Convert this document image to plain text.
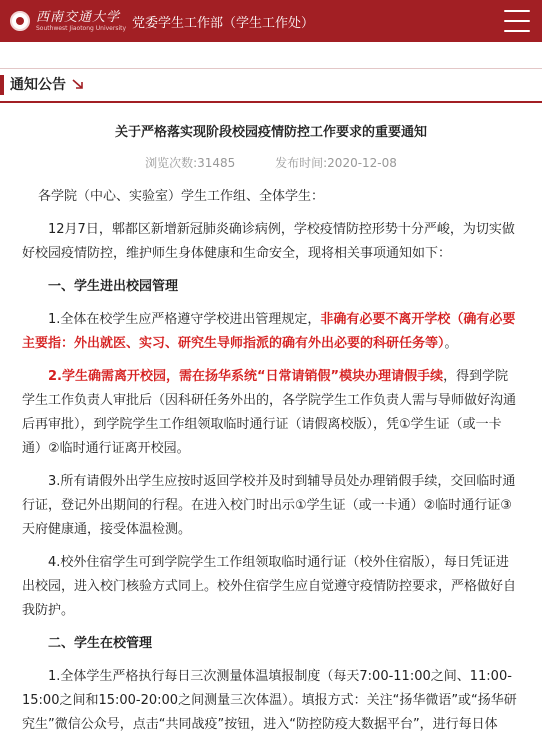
西南交通大学
Southwest Jiaotong University 党委学生工作部（学生工作处）
通知公告
关于严格落实现阶段校园疫情防控工作要求的重要通知
浏览次数:31485	发布时间:2020-12-08

各学院（中心、实验室）学生工作组、全体学生：

12月7日，郫都区新增新冠肺炎确诊病例，学校疫情防控形势十分严峻，为切实做好校园疫情防控，维护师生身体健康和生命安全，现将相关事项通知如下：

一、学生进出校园管理

1.全体在校学生应严格遵守学校进出管理规定，非确有必要不离开学校（确有必要主要指：外出就医、实习、研究生导师指派的确有外出必要的科研任务等）。

2.学生确需离开校园，需在扬华系统“日常请销假”模块办理请假手续，得到学院学生工作负责人审批后（因科研任务外出的，各学院学生工作负责人需与导师做好沟通后再审批），到学院学生工作组领取临时通行证（请假离校版），凭①学生证（或一卡通）②临时通行证离开校园。

3.所有请假外出学生应按时返回学校并及时到辅导员处办理销假手续，交回临时通行证，登记外出期间的行程。在进入校门时出示①学生证（或一卡通）②临时通行证③天府健康通，接受体温检测。

4.校外住宿学生可到学院学生工作组领取临时通行证（校外住宿版），每日凭证进出校园，进入校门核验方式同上。校外住宿学生应自觉遵守疫情防控要求，严格做好自我防护。

二、学生在校管理

1.全体学生严格执行每日三次测量体温填报制度（每天7:00-11:00之间、11:00-15:00之间和15:00-20:00之间测量三次体温）。填报方式：关注“扬华微语”或“扬华研究生”微信公众号，点击“共同战疫”按钮，进入“防控防疫大数据平台”，进行每日体
